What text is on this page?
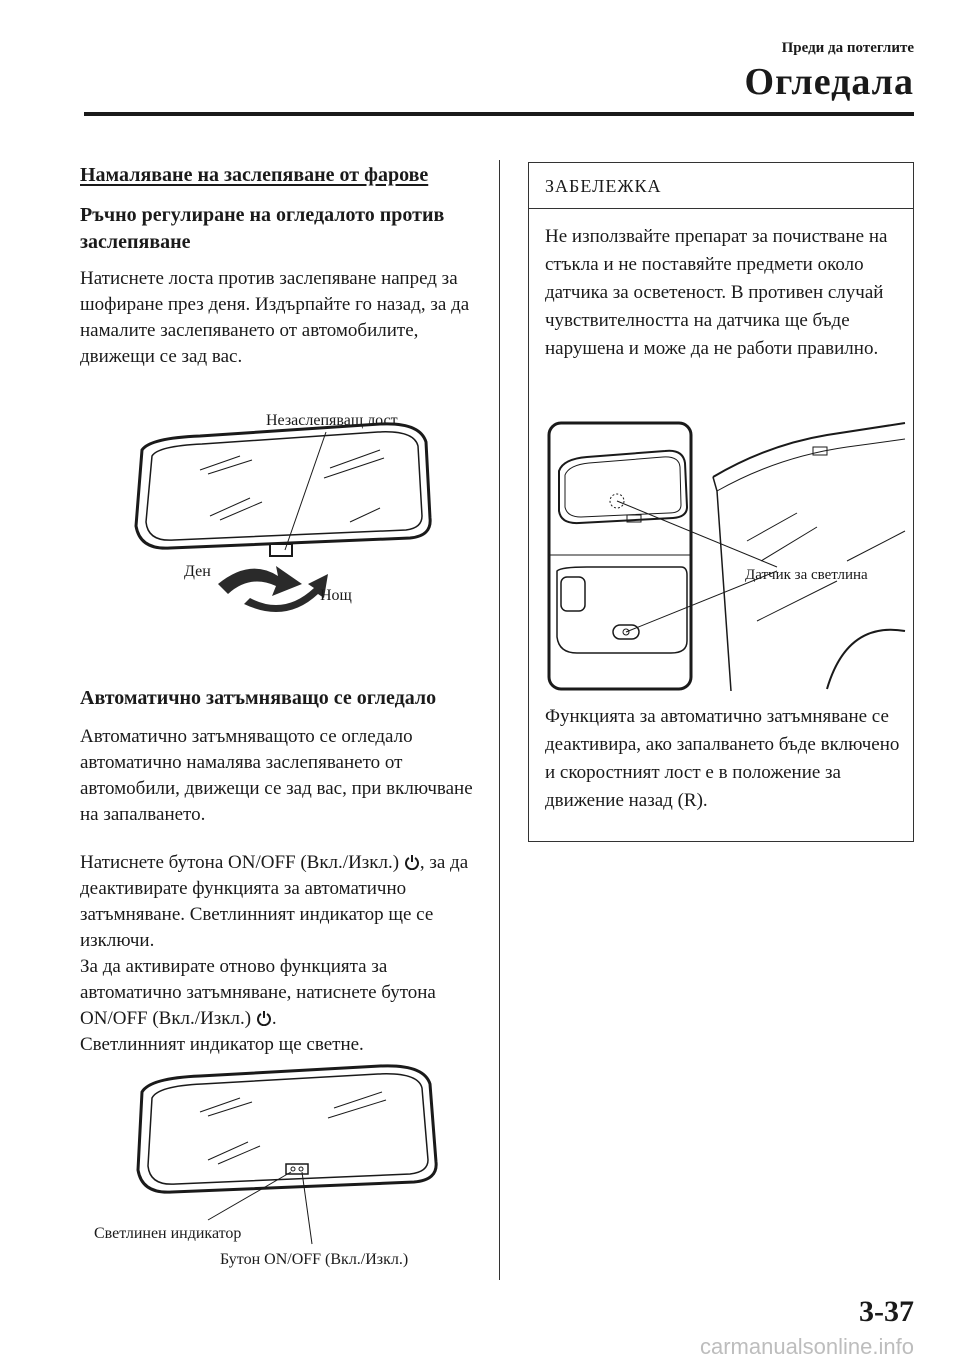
Преди да потеглите
Огледала
Намаляване на заслепяване от фарове
Ръчно регулиране на огледалото против заслепяване
Натиснете лоста против заслепяване напред за шофиране през деня. Издърпайте го назад, за да намалите заслепяването от автомобилите, движещи се зад вас.
Незаслепяващ лост
Ден
Нощ
Автоматично затъмняващо се огледало

Автоматично затъмняващото се огледало автоматично намалява заслепяването от автомобили, движещи се зад вас, при включване на запалването.

Натиснете бутона ON/OFF (Вкл./Изкл.) , за да деактивирате функцията за автоматично затъмняване. Светлинният индикатор ще се изключи.
За да активирате отново функцията за автоматично затъмняване, натиснете бутона ON/OFF (Вкл./Изкл.) .
Светлинният индикатор ще светне.

Светлинен индикатор
Бутон ON/OFF (Вкл./Изкл.)
ЗАБЕЛЕЖКА
Не използвайте препарат за почистване на стъкла и не поставяйте предмети около датчика за осветеност. В противен случай чувствителността на датчика ще бъде нарушена и може да не работи правилно.
Датчик за светлина
Функцията за автоматично затъмняване се деактивира, ако запалването бъде включено и скоростният лост е в положение за движение назад (R).
3-37
carmanualsonline.info
